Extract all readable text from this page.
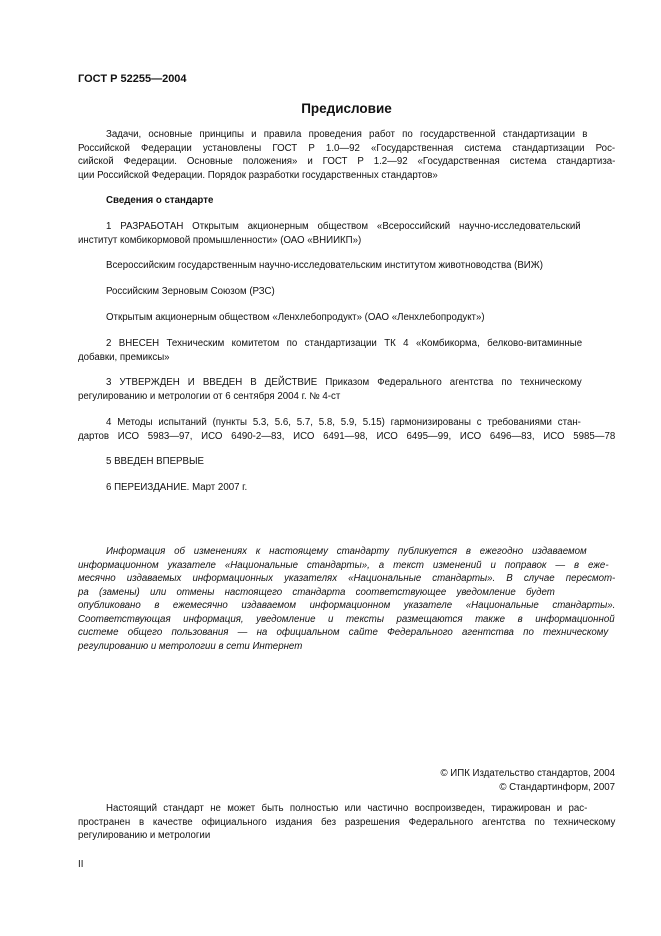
ГОСТ Р 52255—2004
Предисловие
Задачи, основные принципы и правила проведения работ по государственной стандартизации в
Российской Федерации установлены ГОСТ Р 1.0—92 «Государственная система стандартизации Рос-
сийской Федерации. Основные положения» и ГОСТ Р 1.2—92 «Государственная система стандартиза-
ции Российской Федерации. Порядок разработки государственных стандартов»
Сведения о стандарте
1 РАЗРАБОТАН Открытым акционерным обществом «Всероссийский научно-исследовательский
институт комбикормовой промышленности» (ОАО «ВНИИКП»)
Всероссийским государственным научно-исследовательским институтом животноводства (ВИЖ)
Российским Зерновым Союзом (РЗС)
Открытым акционерным обществом «Ленхлебопродукт» (ОАО «Ленхлебопродукт»)
2 ВНЕСЕН Техническим комитетом по стандартизации ТК 4 «Комбикорма, белково-витаминные
добавки, премиксы»
3 УТВЕРЖДЕН И ВВЕДЕН В ДЕЙСТВИЕ Приказом Федерального агентства по техническому
регулированию и метрологии от 6 сентября 2004 г. № 4-ст
4 Методы испытаний (пункты 5.3, 5.6, 5.7, 5.8, 5.9, 5.15) гармонизированы с требованиями стан-
дартов ИСО 5983—97, ИСО 6490-2—83, ИСО 6491—98, ИСО 6495—99, ИСО 6496—83, ИСО 5985—78
5 ВВЕДЕН ВПЕРВЫЕ
6 ПЕРЕИЗДАНИЕ. Март 2007 г.
Информация об изменениях к настоящему стандарту публикуется в ежегодно издаваемом
информационном указателе «Национальные стандарты», а текст изменений и поправок — в еже-
месячно издаваемых информационных указателях «Национальные стандарты». В случае пересмот-
ра (замены) или отмены настоящего стандарта соответствующее уведомление будет
опубликовано в ежемесячно издаваемом информационном указателе «Национальные стандарты».
Соответствующая информация, уведомление и тексты размещаются также в информационной
системе общего пользования — на официальном сайте Федерального агентства по техническому
регулированию и метрологии в сети Интернет
© ИПК Издательство стандартов, 2004
© Стандартинформ, 2007
Настоящий стандарт не может быть полностью или частично воспроизведен, тиражирован и рас-
пространен в качестве официального издания без разрешения Федерального агентства по техническому
регулированию и метрологии
II
